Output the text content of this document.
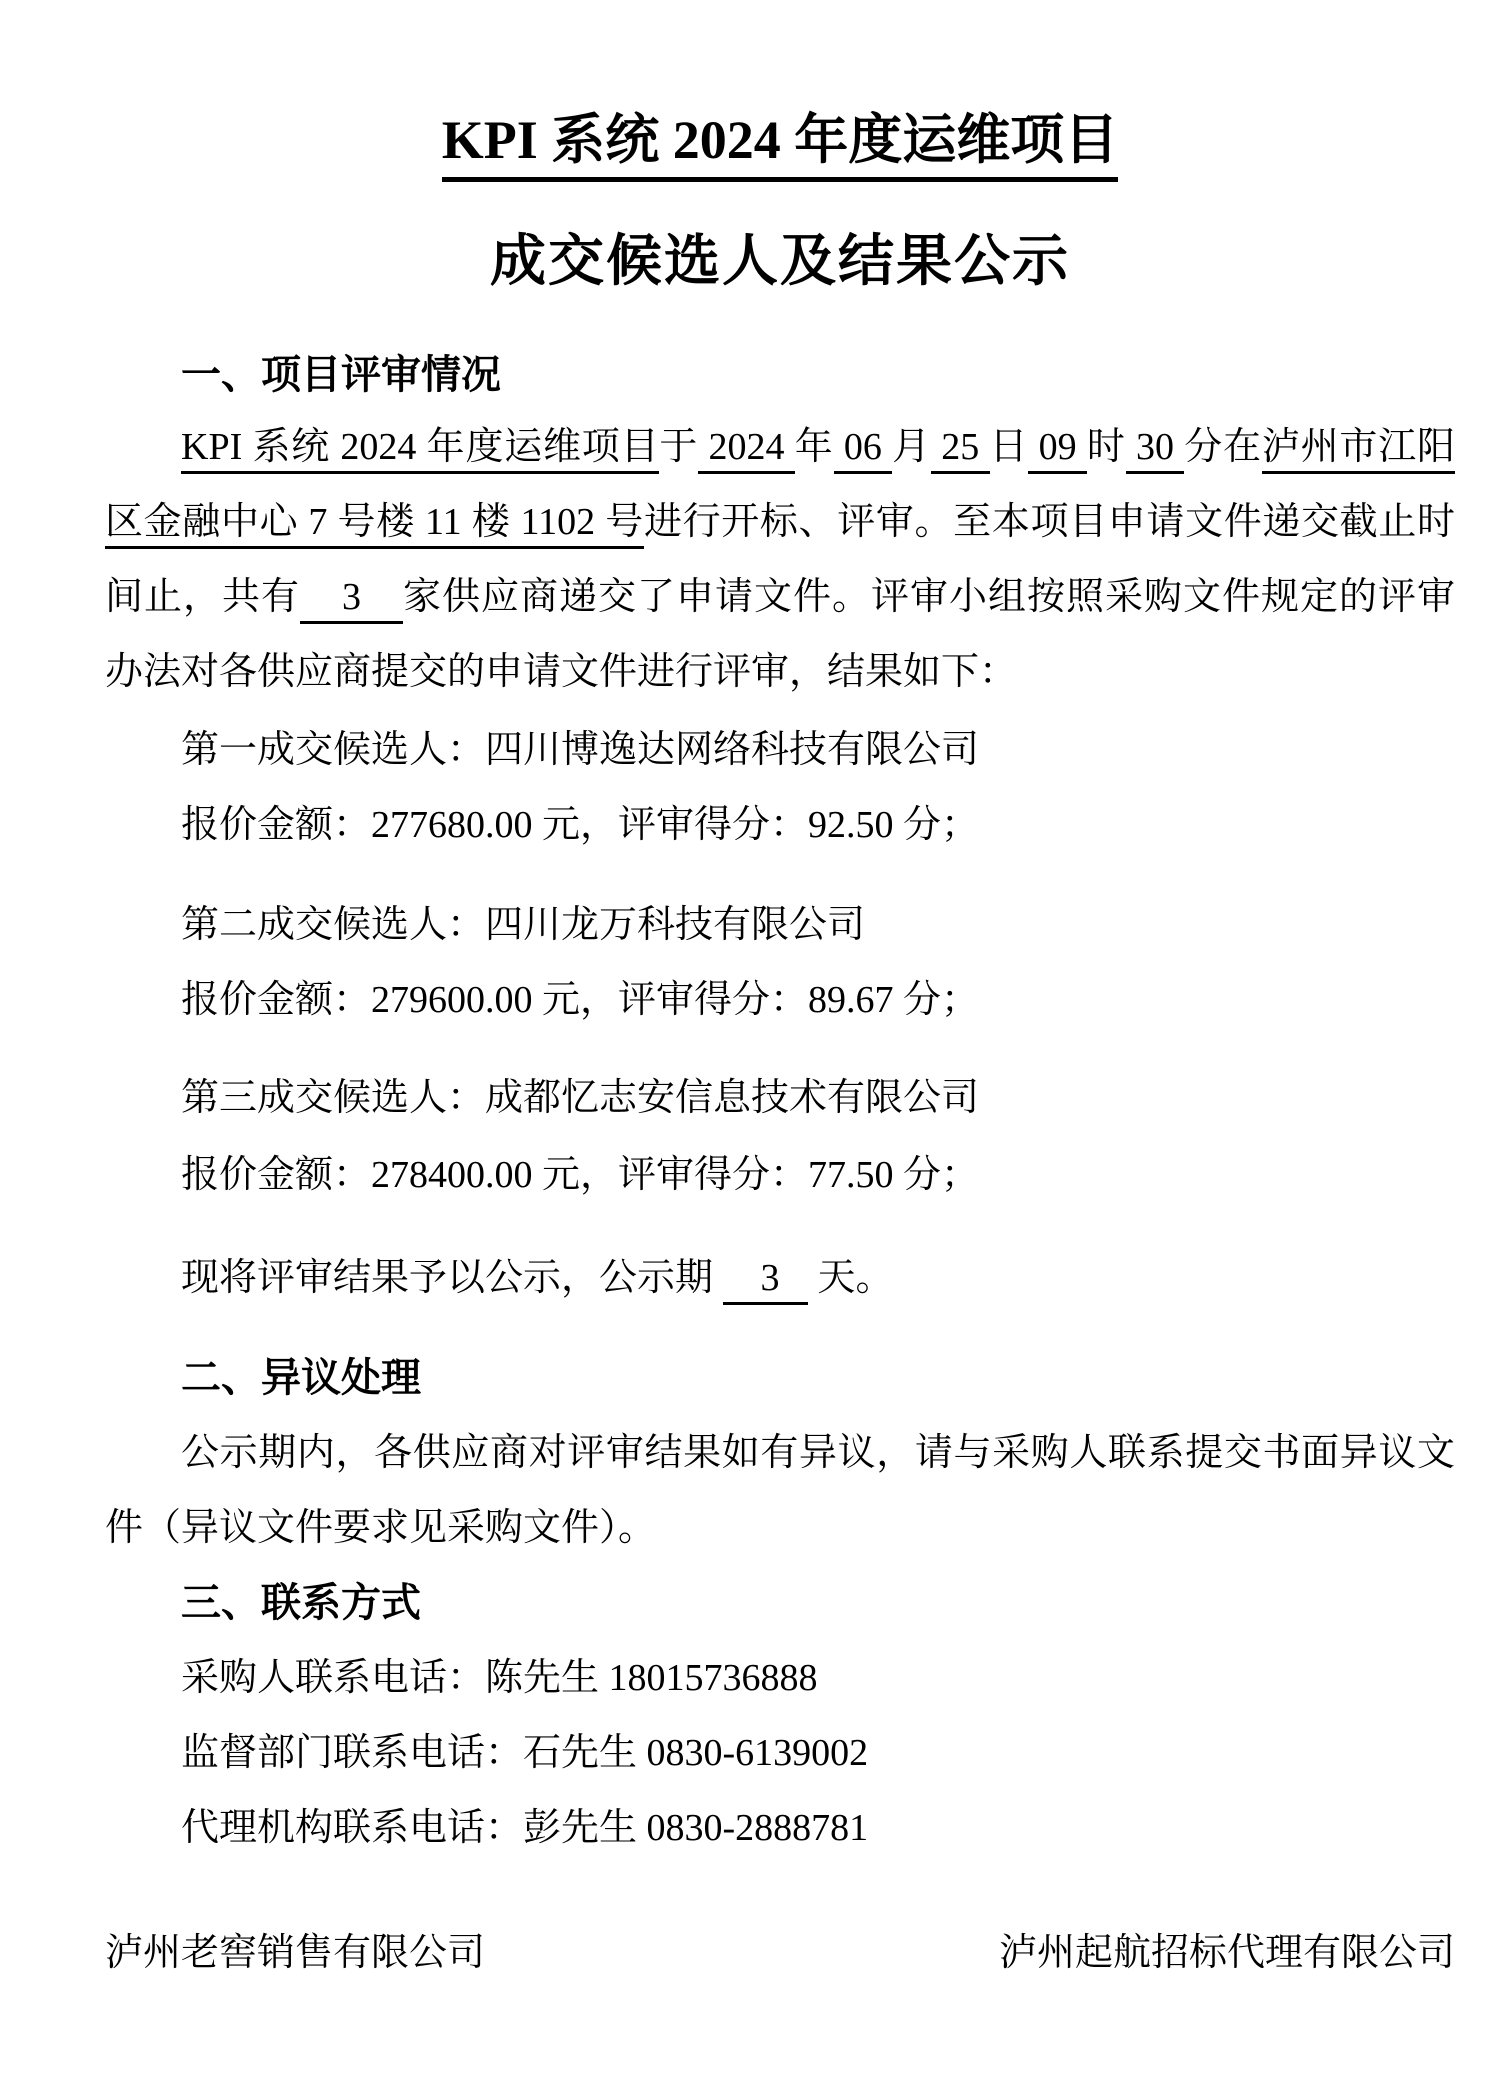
KPI 系统 2024 年度运维项目
成交候选人及结果公示
一、项目评审情况
KPI 系统 2024 年度运维项目于 2024 年 06 月 25 日 09 时 30 分在泸州市江阳
区金融中心 7 号楼 11 楼 1102 号进行开标、评审。至本项目申请文件递交截止时
间止，共有    3    家供应商递交了申请文件。评审小组按照采购文件规定的评审
办法对各供应商提交的申请文件进行评审，结果如下：
第一成交候选人：四川博逸达网络科技有限公司
报价金额：277680.00 元，评审得分：92.50 分；
第二成交候选人：四川龙万科技有限公司
报价金额：279600.00 元，评审得分：89.67 分；
第三成交候选人：成都忆志安信息技术有限公司
报价金额：278400.00 元，评审得分：77.50 分；
现将评审结果予以公示，公示期     3    天。
二、异议处理
公示期内，各供应商对评审结果如有异议，请与采购人联系提交书面异议文
件（异议文件要求见采购文件）。
三、联系方式
采购人联系电话：陈先生 18015736888
监督部门联系电话：石先生 0830-6139002
代理机构联系电话：彭先生 0830-2888781
泸州老窖销售有限公司	泸州起航招标代理有限公司
